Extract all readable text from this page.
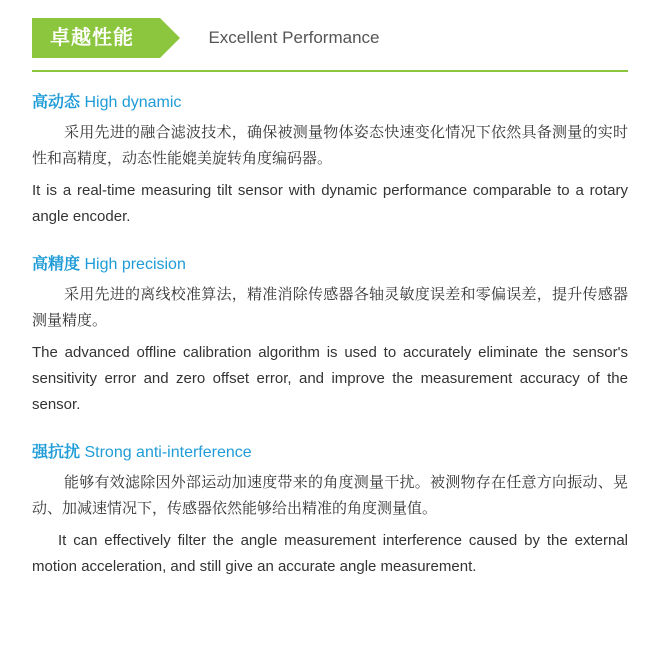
卓越性能	Excellent Performance
高动态 High dynamic

采用先进的融合滤波技术，确保被测量物体姿态快速变化情况下依然具备测量的实时性和高精度，动态性能媲美旋转角度编码器。

It is a real-time measuring tilt sensor with dynamic performance comparable to a rotary angle encoder.

高精度 High precision

采用先进的离线校准算法，精准消除传感器各轴灵敏度误差和零偏误差，提升传感器测量精度。

The advanced offline calibration algorithm is used to accurately eliminate the sensor's sensitivity error and zero offset error, and improve the measurement accuracy of the sensor.

强抗扰 Strong anti-interference

能够有效滤除因外部运动加速度带来的角度测量干扰。被测物存在任意方向振动、晃动、加减速情况下，传感器依然能够给出精准的角度测量值。

It can effectively filter the angle measurement interference caused by the external motion acceleration, and still give an accurate angle measurement.
